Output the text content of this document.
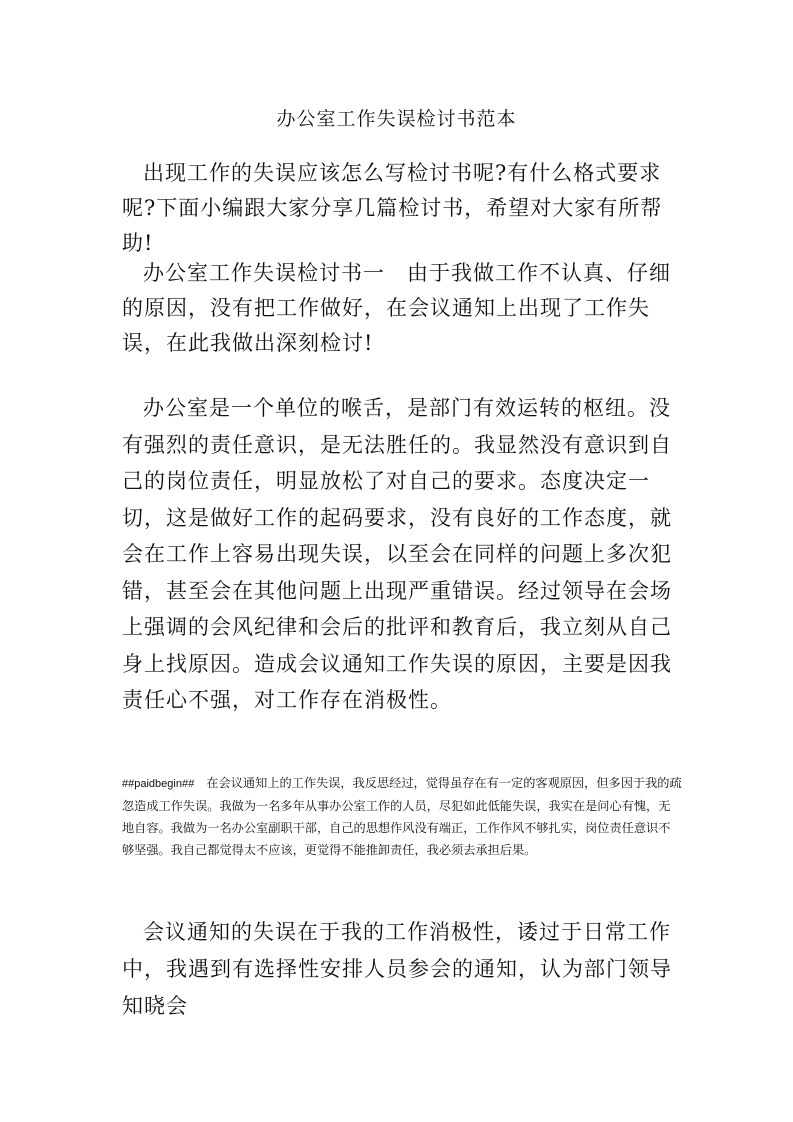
办公室工作失误检讨书范本

出现工作的失误应该怎么写检讨书呢?有什么格式要求呢?下面小编跟大家分享几篇检讨书，希望对大家有所帮助!

办公室工作失误检讨书一　由于我做工作不认真、仔细的原因，没有把工作做好，在会议通知上出现了工作失误，在此我做出深刻检讨!

办公室是一个单位的喉舌，是部门有效运转的枢纽。没有强烈的责任意识，是无法胜任的。我显然没有意识到自己的岗位责任，明显放松了对自己的要求。态度决定一切，这是做好工作的起码要求，没有良好的工作态度，就会在工作上容易出现失误，以至会在同样的问题上多次犯错，甚至会在其他问题上出现严重错误。经过领导在会场上强调的会风纪律和会后的批评和教育后，我立刻从自己身上找原因。造成会议通知工作失误的原因，主要是因我责任心不强，对工作存在消极性。

##paidbegin##　在会议通知上的工作失误，我反思经过，觉得虽存在有一定的客观原因，但多因于我的疏忽造成工作失误。我做为一名多年从事办公室工作的人员，尽犯如此低能失误，我实在是问心有愧，无地自容。我做为一名办公室副职干部，自己的思想作风没有端正，工作作风不够扎实，岗位责任意识不够坚强。我自己都觉得太不应该，更觉得不能推卸责任，我必须去承担后果。

会议通知的失误在于我的工作消极性，诿过于日常工作中，我遇到有选择性安排人员参会的通知，认为部门领导知晓会
